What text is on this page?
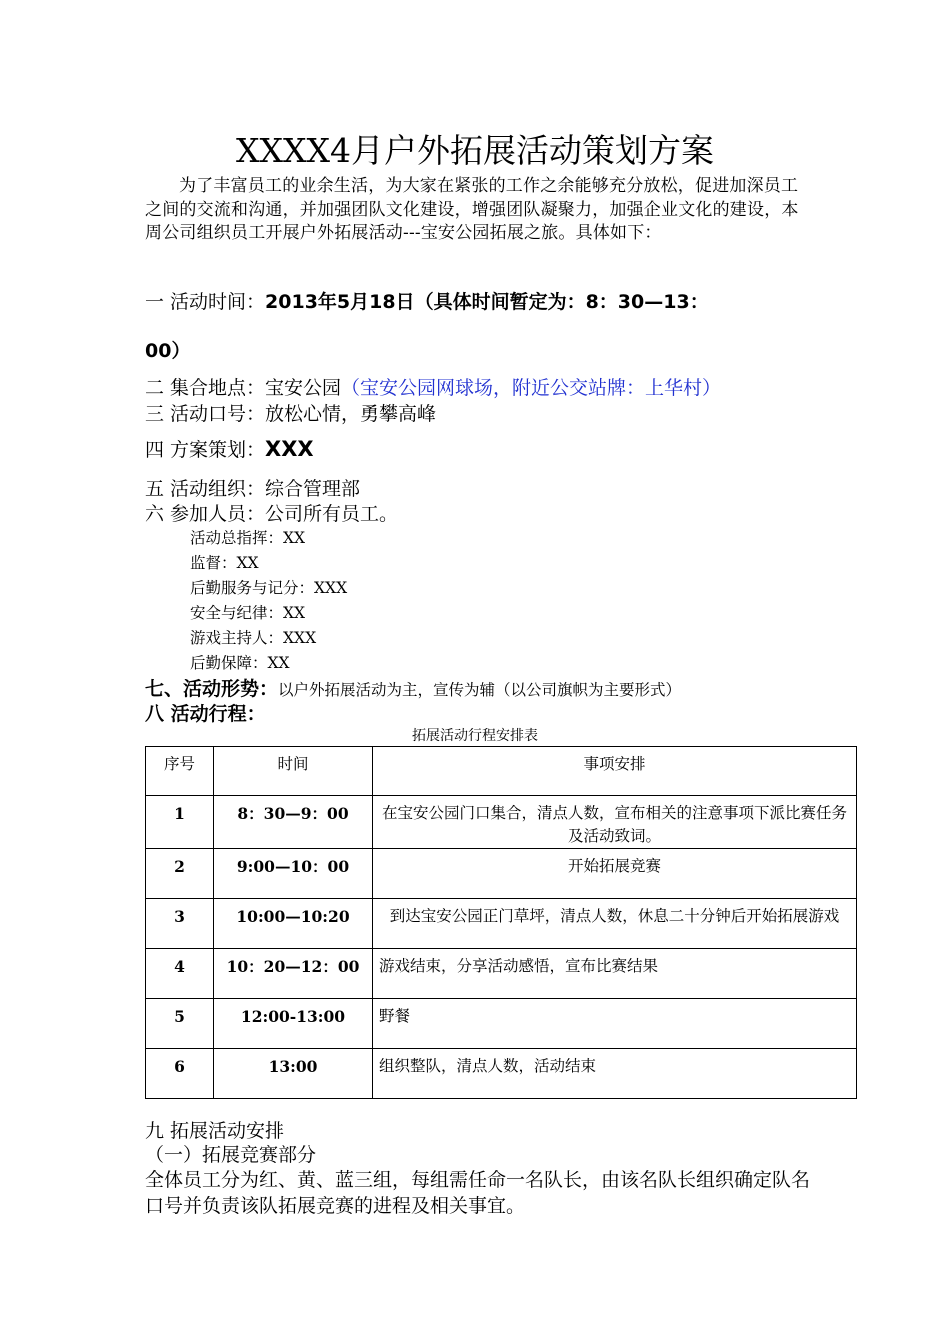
XXXX4月户外拓展活动策划方案
为了丰富员工的业余生活，为大家在紧张的工作之余能够充分放松，促进加深员工之间的交流和沟通，并加强团队文化建设，增强团队凝聚力，加强企业文化的建设，本周公司组织员工开展户外拓展活动---宝安公园拓展之旅。具体如下：
一 活动时间：2013年5月18日（具体时间暂定为：8：30—13：
00）
二 集合地点：宝安公园（宝安公园网球场，附近公交站牌：上华村）
三 活动口号：放松心情，勇攀高峰
四 方案策划：XXX
五 活动组织：综合管理部
六 参加人员：公司所有员工。
活动总指挥：XX
监督：XX
后勤服务与记分：XXX
安全与纪律：XX
游戏主持人：XXX
后勤保障：XX
七、活动形势：以户外拓展活动为主，宣传为辅（以公司旗帜为主要形式）
八 活动行程：
拓展活动行程安排表
序号	时间	事项安排
1	8：30—9：00	在宝安公园门口集合，清点人数，宣布相关的注意事项下派比赛任务及活动致词。
2	9:00—10：00	开始拓展竞赛
3	10:00—10:20	到达宝安公园正门草坪，清点人数，休息二十分钟后开始拓展游戏
4	10：20—12：00	游戏结束，分享活动感悟，宣布比赛结果
5	12:00-13:00	野餐
6	13:00	组织整队，清点人数，活动结束
九 拓展活动安排
（一）拓展竞赛部分
全体员工分为红、黄、蓝三组，每组需任命一名队长，由该名队长组织确定队名口号并负责该队拓展竞赛的进程及相关事宜。
